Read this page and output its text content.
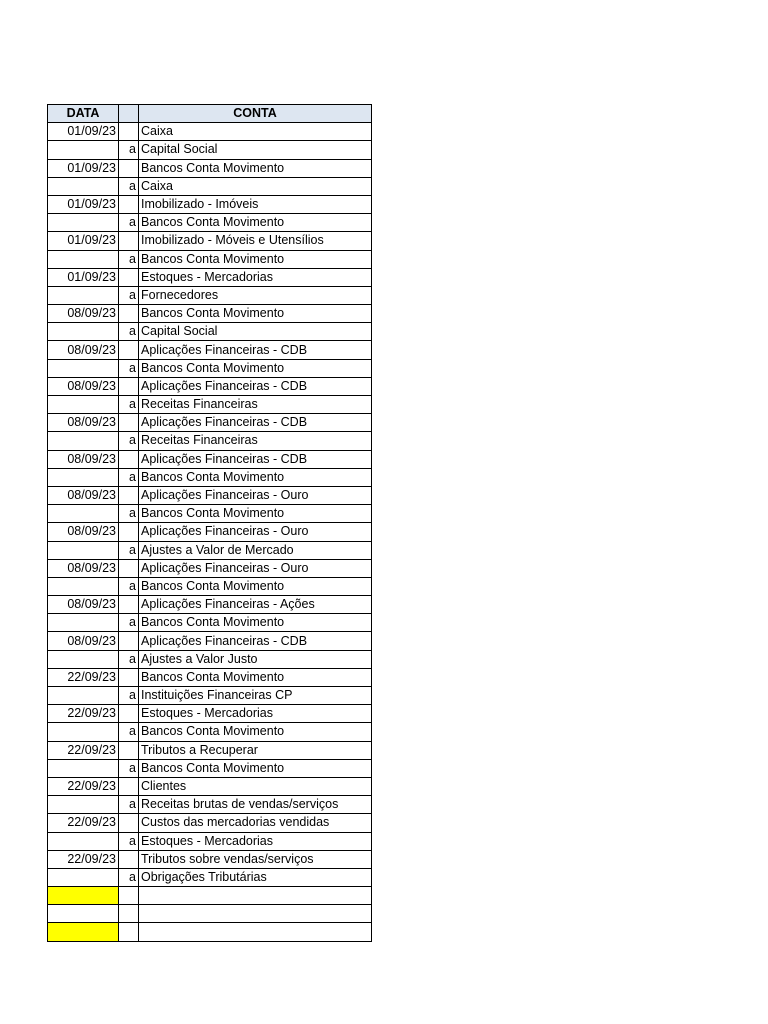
DATA		CONTA
01/09/23		Caixa
	a	Capital Social
01/09/23		Bancos Conta Movimento
	a	Caixa
01/09/23		Imobilizado - Imóveis
	a	Bancos Conta Movimento
01/09/23		Imobilizado - Móveis e Utensílios
	a	Bancos Conta Movimento
01/09/23		Estoques - Mercadorias
	a	Fornecedores
08/09/23		Bancos Conta Movimento
	a	Capital Social
08/09/23		Aplicações Financeiras - CDB
	a	Bancos Conta Movimento
08/09/23		Aplicações Financeiras - CDB
	a	Receitas Financeiras
08/09/23		Aplicações Financeiras - CDB
	a	Receitas Financeiras
08/09/23		Aplicações Financeiras - CDB
	a	Bancos Conta Movimento
08/09/23		Aplicações Financeiras - Ouro
	a	Bancos Conta Movimento
08/09/23		Aplicações Financeiras - Ouro
	a	Ajustes a Valor de Mercado
08/09/23		Aplicações Financeiras - Ouro
	a	Bancos Conta Movimento
08/09/23		Aplicações Financeiras - Ações
	a	Bancos Conta Movimento
08/09/23		Aplicações Financeiras - CDB
	a	Ajustes a Valor Justo
22/09/23		Bancos Conta Movimento
	a	Instituições Financeiras CP
22/09/23		Estoques - Mercadorias
	a	Bancos Conta Movimento
22/09/23		Tributos a Recuperar
	a	Bancos Conta Movimento
22/09/23		Clientes
	a	Receitas brutas de vendas/serviços
22/09/23		Custos das mercadorias vendidas
	a	Estoques - Mercadorias
22/09/23		Tributos sobre vendas/serviços
	a	Obrigações Tributárias
